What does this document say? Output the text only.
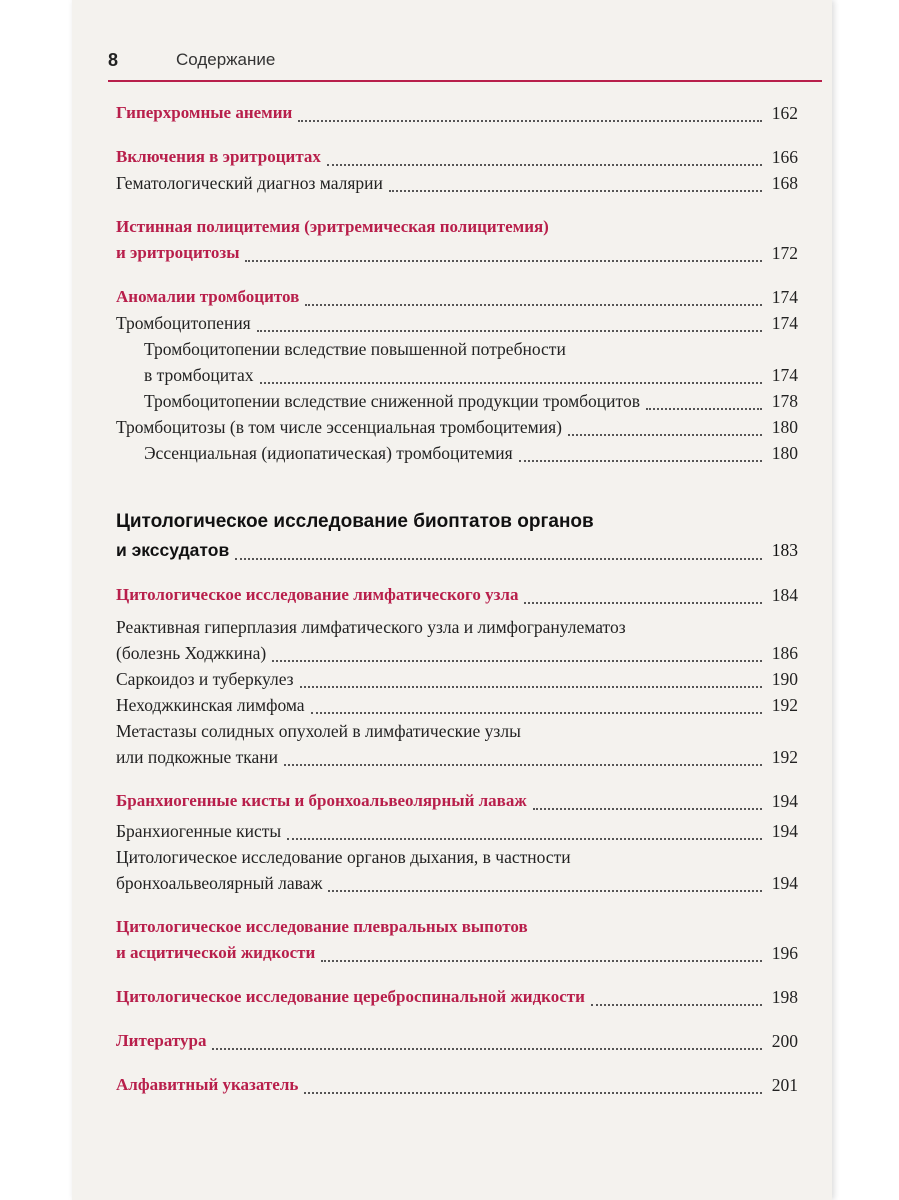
8	Содержание
Гиперхромные анемии	162
Включения в эритроцитах	166
Гематологический диагноз малярии	168
Истинная полицитемия (эритремическая полицитемия)
и эритроцитозы	172
Аномалии тромбоцитов	174
Тромбоцитопения	174
Тромбоцитопении вследствие повышенной потребности
в тромбоцитах	174
Тромбоцитопении вследствие сниженной продукции тромбоцитов	178
Тромбоцитозы (в том числе эссенциальная тромбоцитемия)	180
Эссенциальная (идиопатическая) тромбоцитемия	180
Цитологическое исследование биоптатов органов
и экссудатов	183
Цитологическое исследование лимфатического узла	184
Реактивная гиперплазия лимфатического узла и лимфогранулематоз
(болезнь Ходжкина)	186
Саркоидоз и туберкулез	190
Неходжкинская лимфома	192
Метастазы солидных опухолей в лимфатические узлы
или подкожные ткани	192
Бранхиогенные кисты и бронхоальвеолярный лаваж	194
Бранхиогенные кисты	194
Цитологическое исследование органов дыхания, в частности
бронхоальвеолярный лаваж	194
Цитологическое исследование плевральных выпотов
и асцитической жидкости	196
Цитологическое исследование цереброспинальной жидкости	198
Литература	200
Алфавитный указатель	201
